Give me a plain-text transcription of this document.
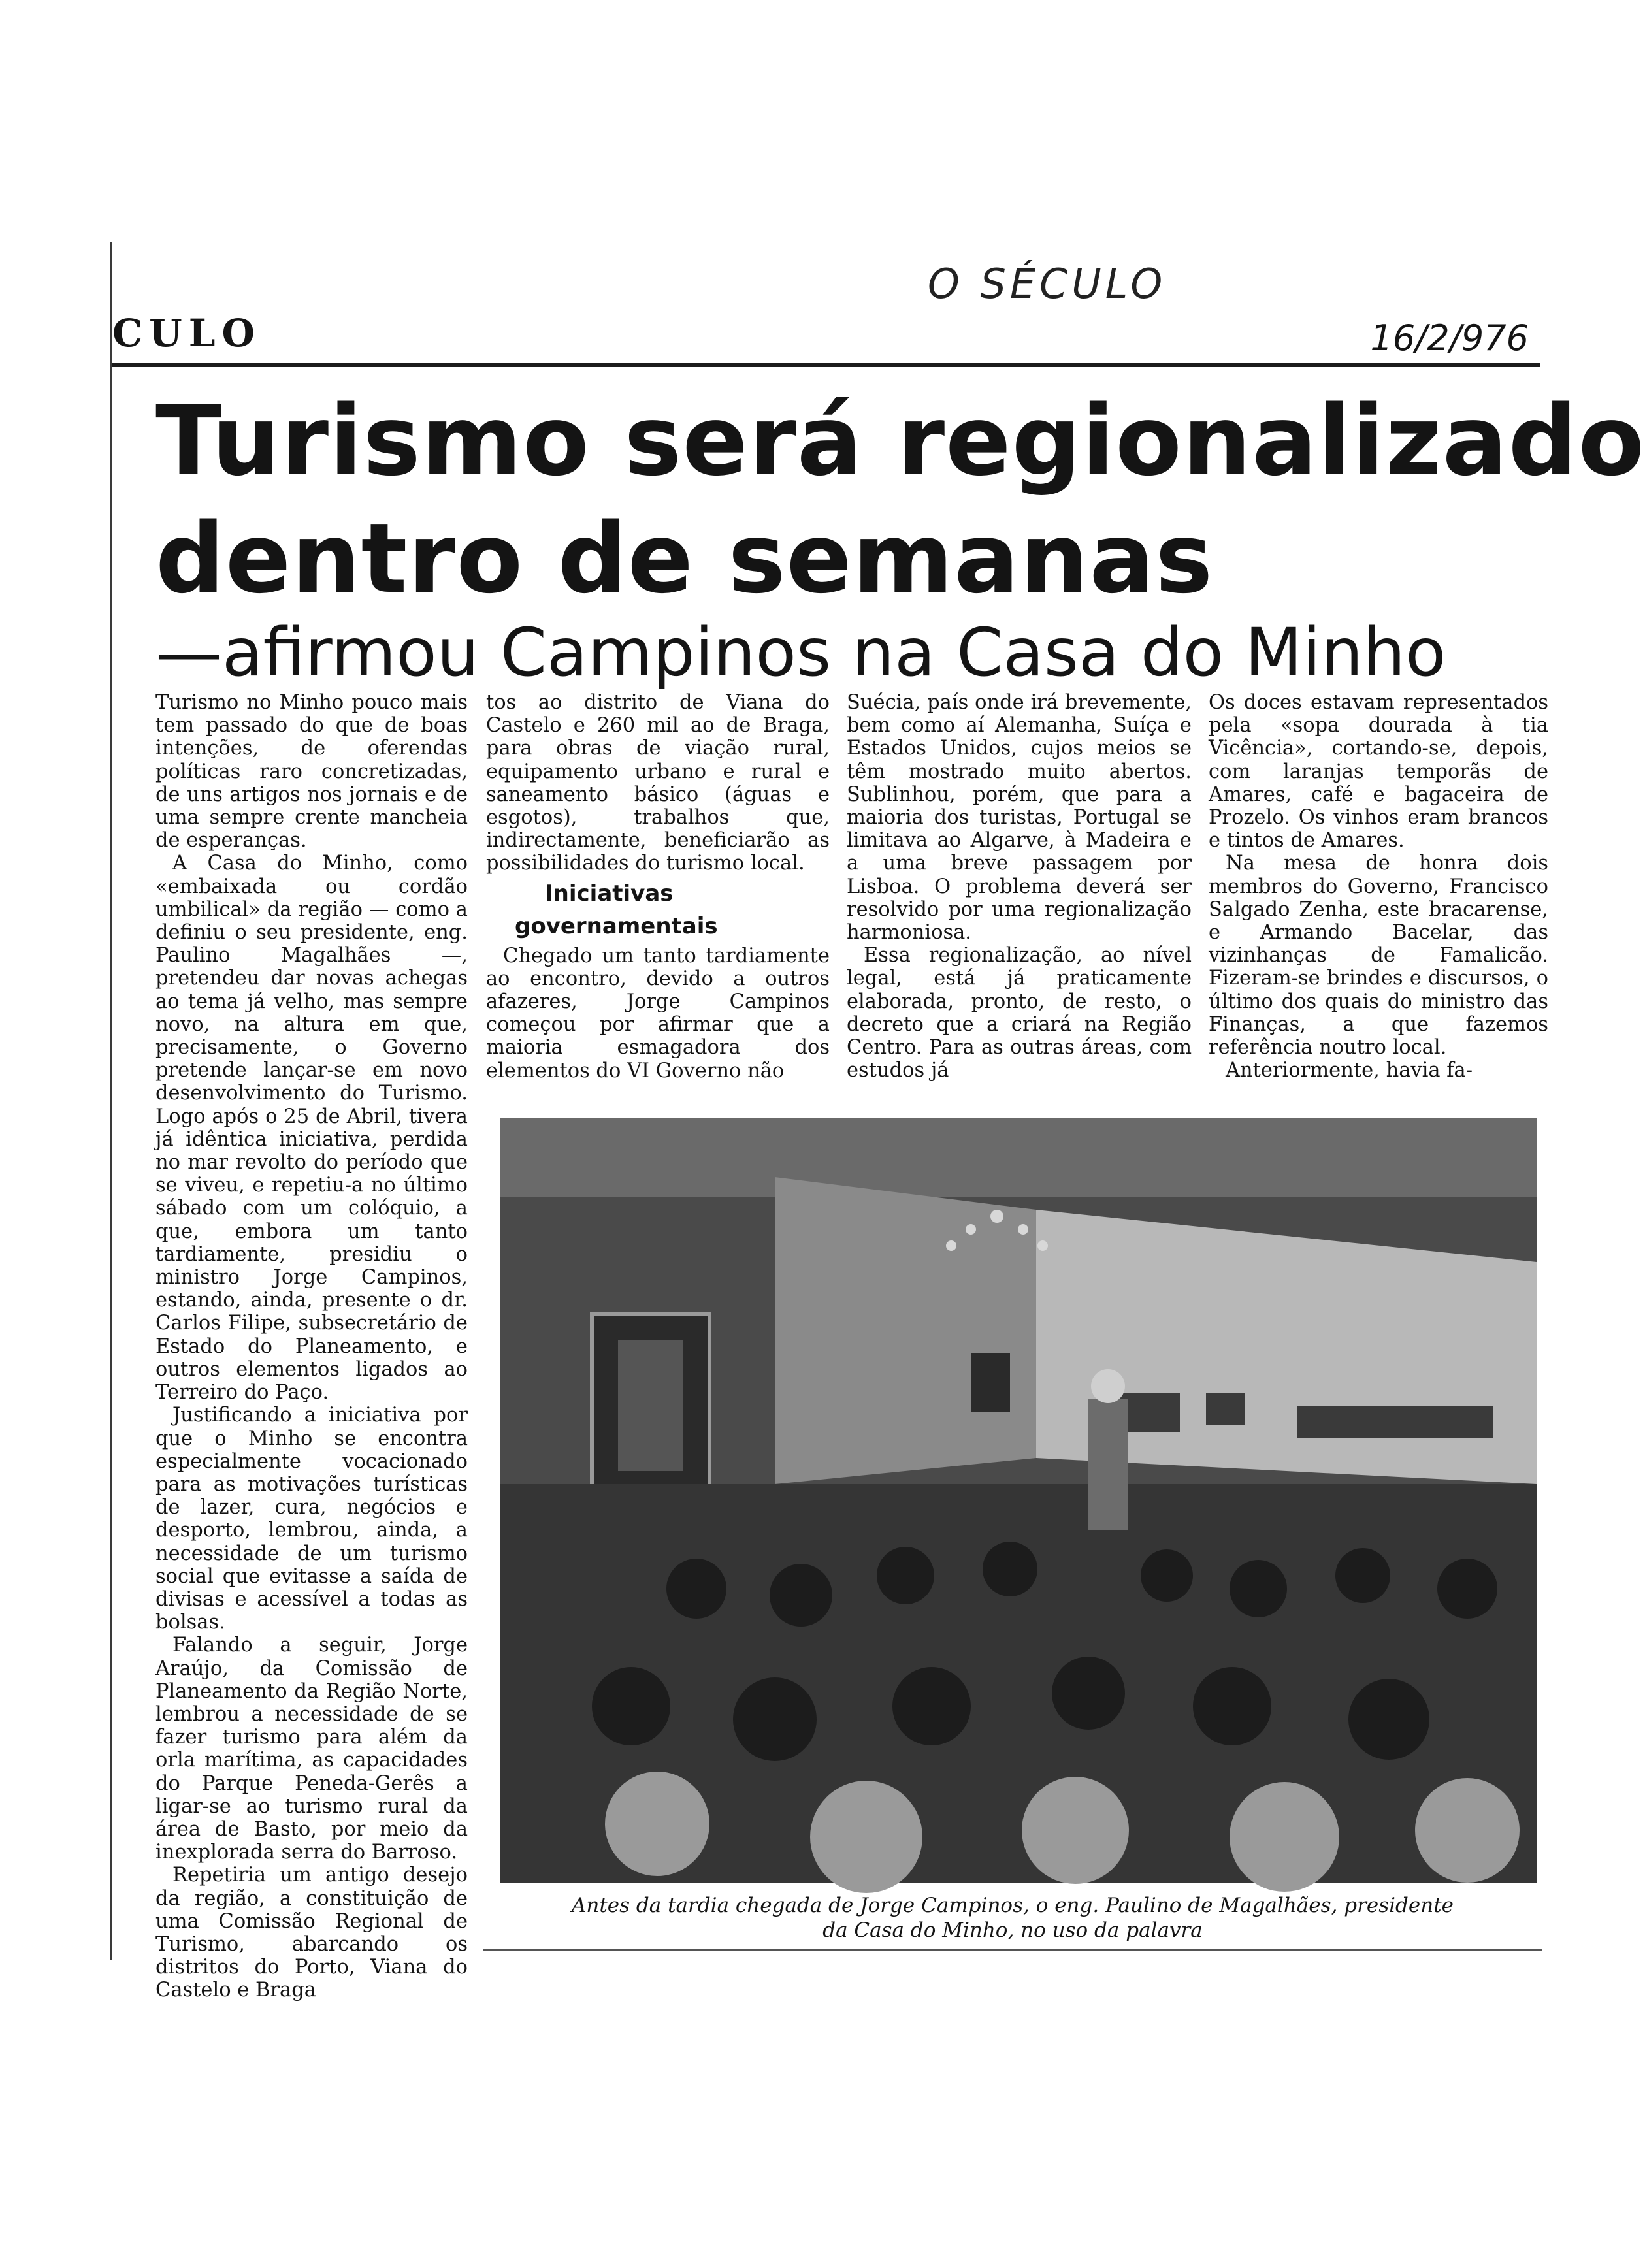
O SÉCULO
CULO	16/2/976
Turismo será regionalizado
dentro de semanas
—afirmou Campinos na Casa do Minho

Turismo no Minho pouco mais tem passado do que de boas intenções, de oferendas políticas raro concretizadas, de uns artigos nos jornais e de uma sempre crente mancheia de esperanças.

A Casa do Minho, como «embaixada ou cordão umbilical» da região — como a definiu o seu presidente, eng. Paulino Magalhães —, pretendeu dar novas achegas ao tema já velho, mas sempre novo, na altura em que, precisamente, o Governo pretende lançar-se em novo desenvolvimento do Turismo. Logo após o 25 de Abril, tivera já idêntica iniciativa, perdida no mar revolto do período que se viveu, e repetiu-a no último sábado com um colóquio, a que, embora um tanto tardiamente, presidiu o ministro Jorge Campinos, estando, ainda, presente o dr. Carlos Filipe, subsecretário de Estado do Planeamento, e outros elementos ligados ao Terreiro do Paço.

Justificando a iniciativa por que o Minho se encontra especialmente vocacionado para as motivações turísticas de lazer, cura, negócios e desporto, lembrou, ainda, a necessidade de um turismo social que evitasse a saída de divisas e acessível a todas as bolsas.

Falando a seguir, Jorge Araújo, da Comissão de Planeamento da Região Norte, lembrou a necessidade de se fazer turismo para além da orla marítima, as capacidades do Parque Peneda-Gerês a ligar-se ao turismo rural da área de Basto, por meio da inexplorada serra do Barroso.

Repetiria um antigo desejo da região, a constituição de uma Comissão Regional de Turismo, abarcando os distritos do Porto, Viana do Castelo e Braga

tos ao distrito de Viana do Castelo e 260 mil ao de Braga, para obras de viação rural, equipamento urbano e rural e saneamento básico (águas e esgotos), trabalhos que, indirectamente, beneficiarão as possibilidades do turismo local.

Iniciativas

governamentais

Chegado um tanto tardiamente ao encontro, devido a outros afazeres, Jorge Campinos começou por afirmar que a maioria esmagadora dos elementos do VI Governo não

Suécia, país onde irá brevemente, bem como aí Alemanha, Suíça e Estados Unidos, cujos meios se têm mostrado muito abertos. Sublinhou, porém, que para a maioria dos turistas, Portugal se limitava ao Algarve, à Madeira e a uma breve passagem por Lisboa. O problema deverá ser resolvido por uma regionalização harmoniosa.

Essa regionalização, ao nível legal, está já praticamente elaborada, pronto, de resto, o decreto que a criará na Região Centro. Para as outras áreas, com estudos já

Os doces estavam representados pela «sopa dourada à tia Vicência», cortando-se, depois, com laranjas temporãs de Amares, café e bagaceira de Prozelo. Os vinhos eram brancos e tintos de Amares.

Na mesa de honra dois membros do Governo, Francisco Salgado Zenha, este bracarense, e Armando Bacelar, das vizinhanças de Famalicão. Fizeram-se brindes e discursos, o último dos quais do ministro das Finanças, a que fazemos referência noutro local.

Anteriormente, havia fa-

Antes da tardia chegada de Jorge Campinos, o eng. Paulino de Magalhães, presidente
da Casa do Minho, no uso da palavra
